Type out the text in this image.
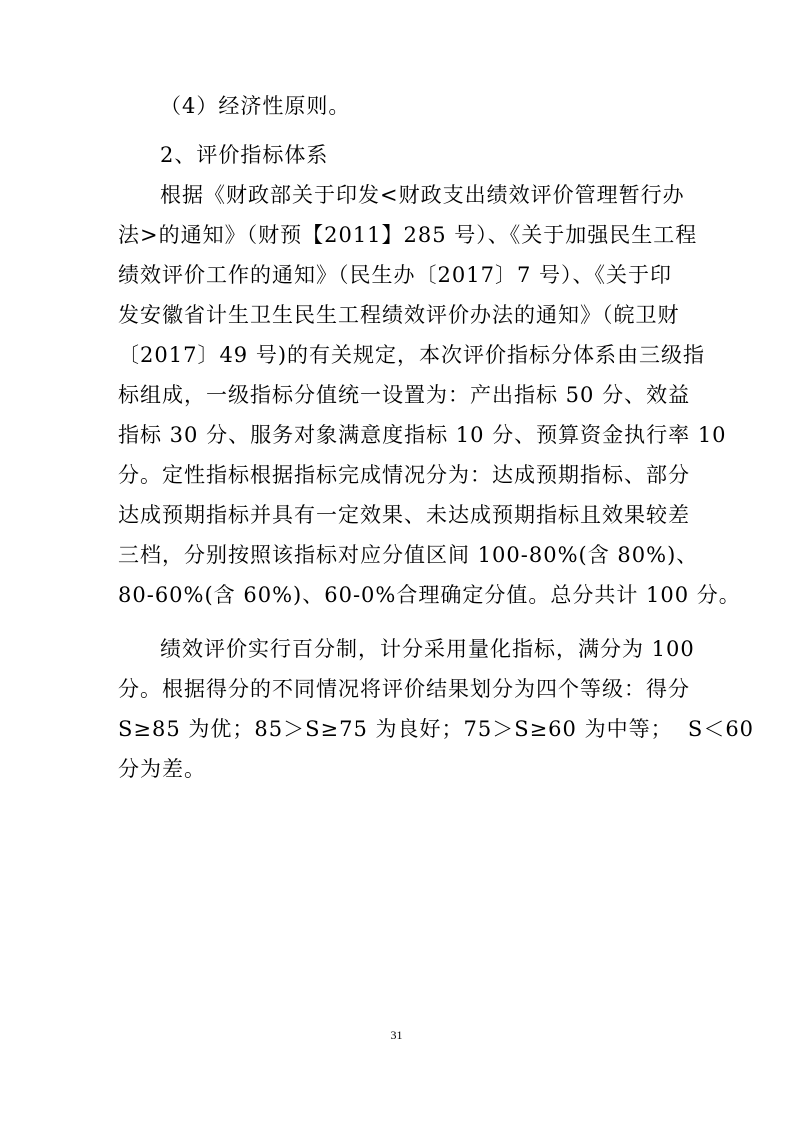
（4）经济性原则。
2、评价指标体系
根据《财政部关于印发<财政支出绩效评价管理暂行办
法>的通知》（财预【2011】285 号）、《关于加强民生工程
绩效评价工作的通知》（民生办〔2017〕7 号）、《关于印
发安徽省计生卫生民生工程绩效评价办法的通知》（皖卫财
〔2017〕49 号)的有关规定，本次评价指标分体系由三级指
标组成，一级指标分值统一设置为：产出指标 50 分、效益
指标 30 分、服务对象满意度指标 10 分、预算资金执行率 10
分。定性指标根据指标完成情况分为：达成预期指标、部分
达成预期指标并具有一定效果、未达成预期指标且效果较差
三档，分别按照该指标对应分值区间 100-80%(含 80%)、
80-60%(含 60%)、60-0%合理确定分值。总分共计 100 分。
绩效评价实行百分制，计分采用量化指标，满分为 100
分。根据得分的不同情况将评价结果划分为四个等级：得分
S≥85 为优；85＞S≥75 为良好；75＞S≥60 为中等；  S＜60
分为差。
31
